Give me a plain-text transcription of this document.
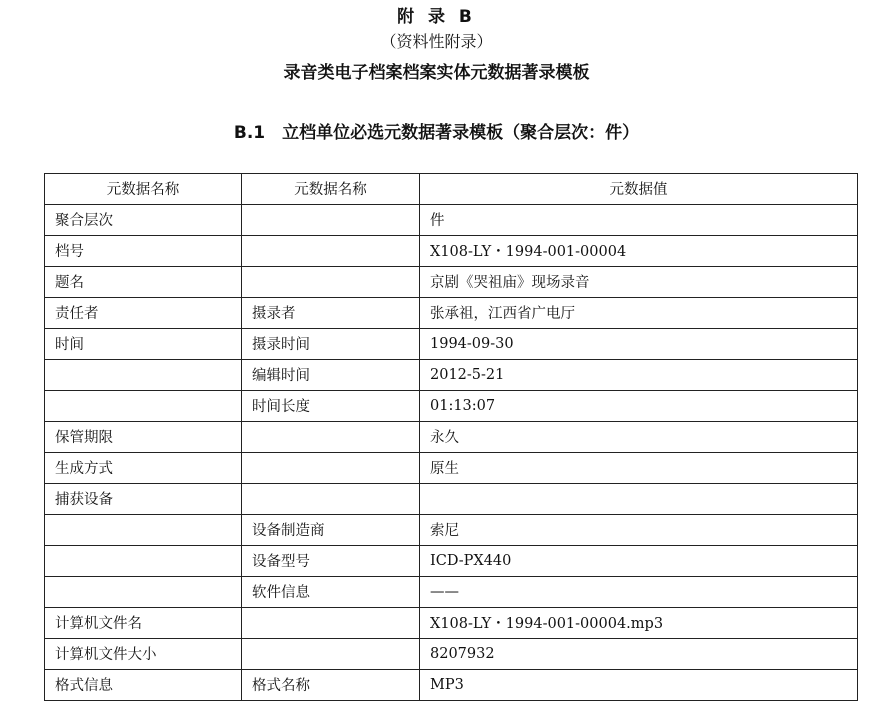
附 录 B
（资料性附录）
录音类电子档案档案实体元数据著录模板
B.1　立档单位必选元数据著录模板（聚合层次：件）
元数据名称	元数据名称	元数据值
聚合层次		件
档号		X108-LY・1994-001-00004
题名		京剧《哭祖庙》现场录音
责任者	摄录者	张承祖，江西省广电厅
时间	摄录时间	1994-09-30
	编辑时间	2012-5-21
	时间长度	01:13:07
保管期限		永久
生成方式		原生
捕获设备		
	设备制造商	索尼
	设备型号	ICD-PX440
	软件信息	——
计算机文件名		X108-LY・1994-001-00004.mp3
计算机文件大小		8207932
格式信息	格式名称	MP3
